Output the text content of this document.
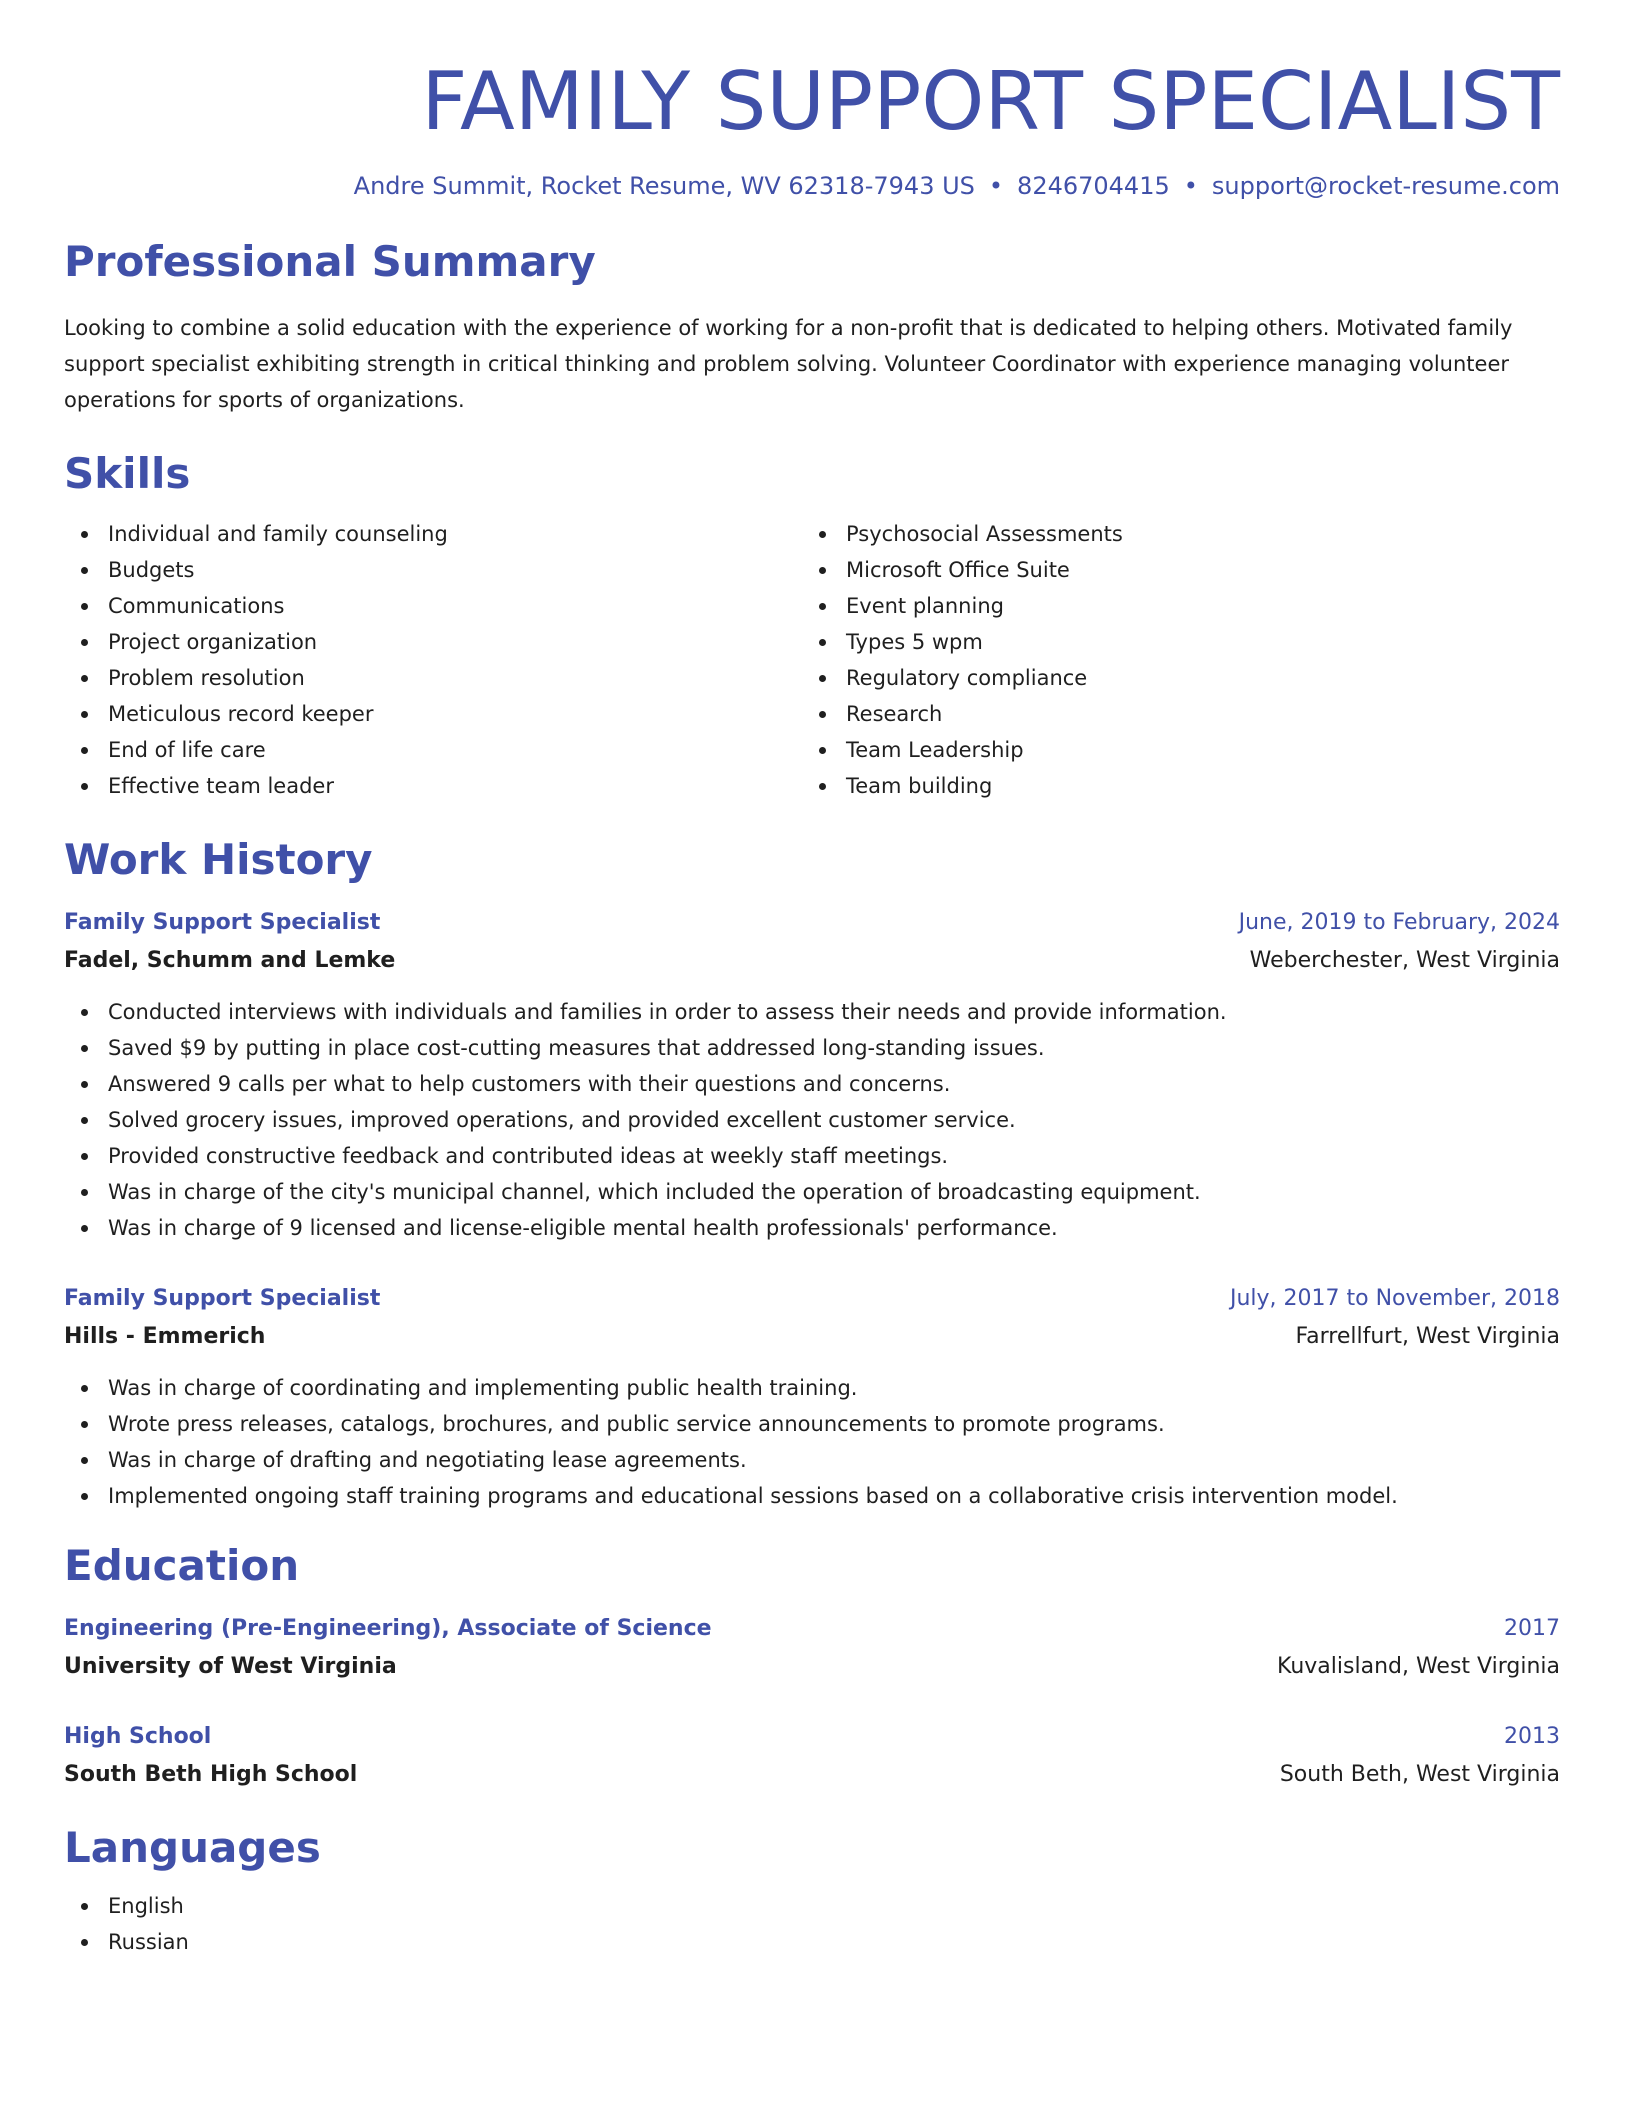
FAMILY SUPPORT SPECIALIST
Andre Summit, Rocket Resume, WV 62318-7943 US • 8246704415 • support@rocket-resume.com
Professional Summary
Looking to combine a solid education with the experience of working for a non-profit that is dedicated to helping others. Motivated family support specialist exhibiting strength in critical thinking and problem solving. Volunteer Coordinator with experience managing volunteer operations for sports of organizations.
Skills
Individual and family counseling
Budgets
Communications
Project organization
Problem resolution
Meticulous record keeper
End of life care
Effective team leader
Psychosocial Assessments
Microsoft Office Suite
Event planning
Types 5 wpm
Regulatory compliance
Research
Team Leadership
Team building
Work History
Family Support Specialist	June, 2019 to February, 2024
Fadel, Schumm and Lemke	Weberchester, West Virginia
Conducted interviews with individuals and families in order to assess their needs and provide information.
Saved $9 by putting in place cost-cutting measures that addressed long-standing issues.
Answered 9 calls per what to help customers with their questions and concerns.
Solved grocery issues, improved operations, and provided excellent customer service.
Provided constructive feedback and contributed ideas at weekly staff meetings.
Was in charge of the city's municipal channel, which included the operation of broadcasting equipment.
Was in charge of 9 licensed and license-eligible mental health professionals' performance.
Family Support Specialist	July, 2017 to November, 2018
Hills - Emmerich	Farrellfurt, West Virginia
Was in charge of coordinating and implementing public health training.
Wrote press releases, catalogs, brochures, and public service announcements to promote programs.
Was in charge of drafting and negotiating lease agreements.
Implemented ongoing staff training programs and educational sessions based on a collaborative crisis intervention model.
Education
Engineering (Pre-Engineering), Associate of Science	2017
University of West Virginia	Kuvalisland, West Virginia
High School	2013
South Beth High School	South Beth, West Virginia
Languages
English
Russian
